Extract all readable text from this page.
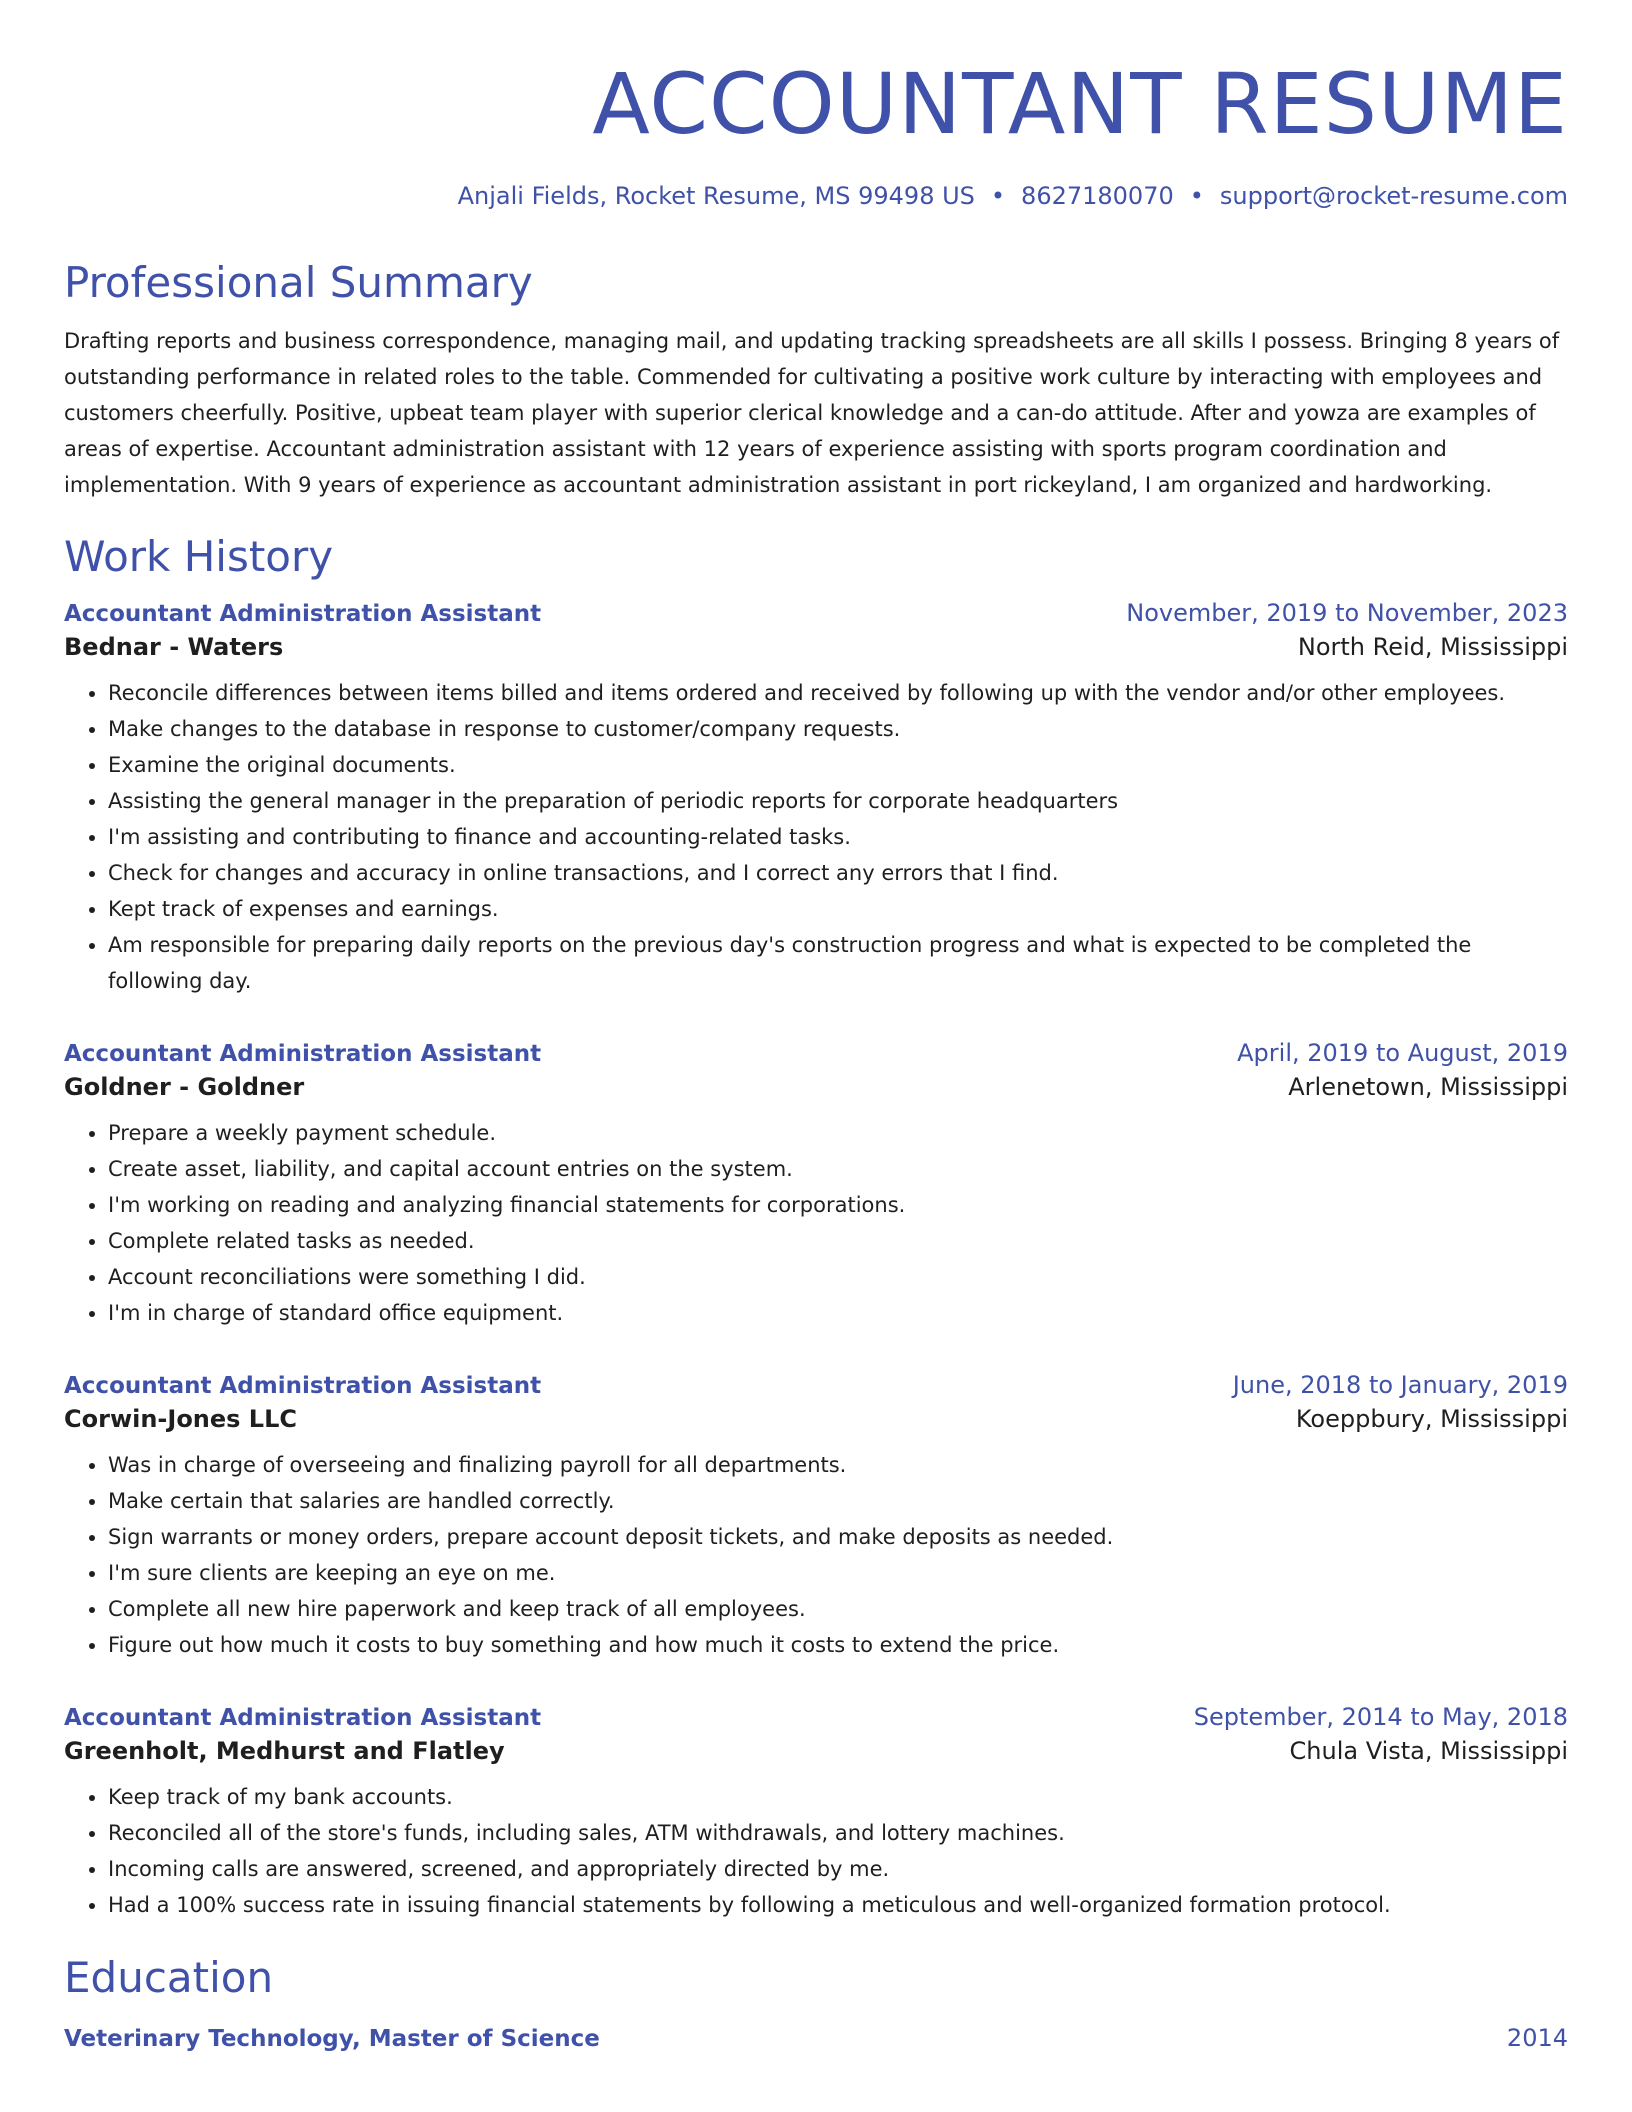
ACCOUNTANT RESUME
Anjali Fields, Rocket Resume, MS 99498 US • 8627180070 • support@rocket-resume.com
Professional Summary
Drafting reports and business correspondence, managing mail, and updating tracking spreadsheets are all skills I possess. Bringing 8 years of outstanding performance in related roles to the table. Commended for cultivating a positive work culture by interacting with employees and customers cheerfully. Positive, upbeat team player with superior clerical knowledge and a can-do attitude. After and yowza are examples of areas of expertise. Accountant administration assistant with 12 years of experience assisting with sports program coordination and implementation. With 9 years of experience as accountant administration assistant in port rickeyland, I am organized and hardworking.
Work History
Accountant Administration Assistant	November, 2019 to November, 2023
Bednar - Waters	North Reid, Mississippi
• Reconcile differences between items billed and items ordered and received by following up with the vendor and/or other employees.
• Make changes to the database in response to customer/company requests.
• Examine the original documents.
• Assisting the general manager in the preparation of periodic reports for corporate headquarters
• I'm assisting and contributing to finance and accounting-related tasks.
• Check for changes and accuracy in online transactions, and I correct any errors that I find.
• Kept track of expenses and earnings.
• Am responsible for preparing daily reports on the previous day's construction progress and what is expected to be completed the following day.
Accountant Administration Assistant	April, 2019 to August, 2019
Goldner - Goldner	Arlenetown, Mississippi
• Prepare a weekly payment schedule.
• Create asset, liability, and capital account entries on the system.
• I'm working on reading and analyzing financial statements for corporations.
• Complete related tasks as needed.
• Account reconciliations were something I did.
• I'm in charge of standard office equipment.
Accountant Administration Assistant	June, 2018 to January, 2019
Corwin-Jones LLC	Koeppbury, Mississippi
• Was in charge of overseeing and finalizing payroll for all departments.
• Make certain that salaries are handled correctly.
• Sign warrants or money orders, prepare account deposit tickets, and make deposits as needed.
• I'm sure clients are keeping an eye on me.
• Complete all new hire paperwork and keep track of all employees.
• Figure out how much it costs to buy something and how much it costs to extend the price.
Accountant Administration Assistant	September, 2014 to May, 2018
Greenholt, Medhurst and Flatley	Chula Vista, Mississippi
• Keep track of my bank accounts.
• Reconciled all of the store's funds, including sales, ATM withdrawals, and lottery machines.
• Incoming calls are answered, screened, and appropriately directed by me.
• Had a 100% success rate in issuing financial statements by following a meticulous and well-organized formation protocol.
Education
Veterinary Technology, Master of Science	2014
